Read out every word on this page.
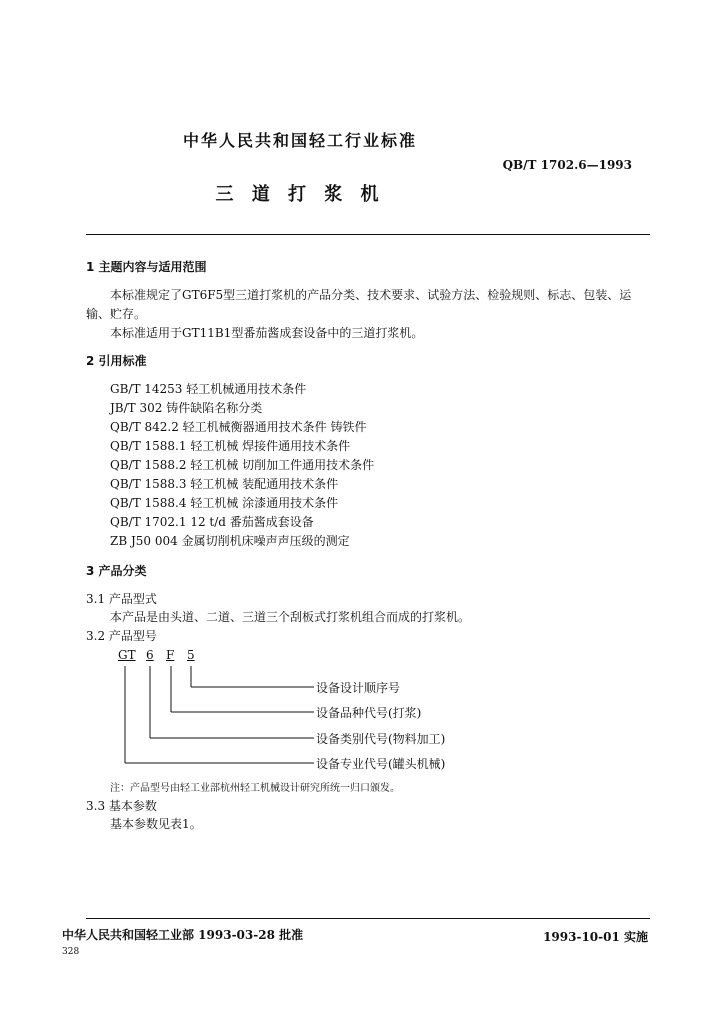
中华人民共和国轻工行业标准
QB/T 1702.6—1993
三 道 打 浆 机
1 主题内容与适用范围
本标准规定了GT6F5型三道打浆机的产品分类、技术要求、试验方法、检验规则、标志、包装、运
输、贮存。
本标准适用于GT11B1型番茄酱成套设备中的三道打浆机。
2 引用标准
GB/T 14253 轻工机械通用技术条件
JB/T 302 铸件缺陷名称分类
QB/T 842.2 轻工机械衡器通用技术条件 铸铁件
QB/T 1588.1 轻工机械 焊接件通用技术条件
QB/T 1588.2 轻工机械 切削加工件通用技术条件
QB/T 1588.3 轻工机械 装配通用技术条件
QB/T 1588.4 轻工机械 涂漆通用技术条件
QB/T 1702.1 12 t/d 番茄酱成套设备
ZB J50 004 金属切削机床噪声声压级的测定
3 产品分类
3.1 产品型式
本产品是由头道、二道、三道三个刮板式打浆机组合而成的打浆机。
3.2 产品型号
GT 6 F 5
设备设计顺序号
设备品种代号(打浆)
设备类别代号(物料加工)
设备专业代号(罐头机械)
注：产品型号由轻工业部杭州轻工机械设计研究所统一归口颁发。
3.3 基本参数
基本参数见表1。
中华人民共和国轻工业部 1993-03-28 批准	1993-10-01 实施
328
